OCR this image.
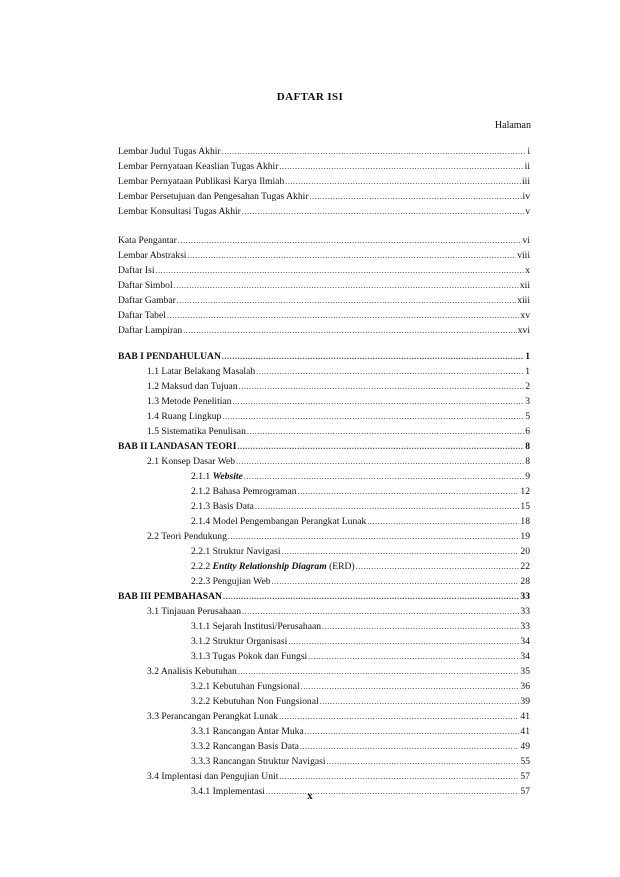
DAFTAR ISI
Halaman
Lembar Judul Tugas Akhir .....	i
Lembar Pernyataan Keaslian Tugas Akhir .....	ii
Lembar Pernyataan Publikasi Karya Ilmiah .....	iii
Lembar Persetujuan dan Pengesahan Tugas Akhir .....	iv
Lembar Konsultasi Tugas Akhir .....	v
Kata Pengantar .....	vi
Lembar Abstraksi .....	viii
Daftar Isi .....	x
Daftar Simbol .....	xii
Daftar Gambar .....	xiii
Daftar Tabel .....	xv
Daftar Lampiran .....	xvi
BAB I PENDAHULUAN .....	1
1.1 Latar Belakang Masalah .....	1
1.2 Maksud dan Tujuan .....	2
1.3 Metode Penelitian .....	3
1.4 Ruang Lingkup .....	5
1.5 Sistematika Penulisan .....	6
BAB II LANDASAN TEORI .....	8
2.1 Konsep Dasar Web .....	8
2.1.1 Website .....	9
2.1.2 Bahasa Pemrograman .....	12
2.1.3 Basis Data .....	15
2.1.4 Model Pengembangan Perangkat Lunak .....	18
2.2 Teori Pendukung .....	19
2.2.1 Struktur Navigasi .....	20
2.2.2 Entity Relationship Diagram (ERD) .....	22
2.2.3 Pengujian Web .....	28
BAB III PEMBAHASAN .....	33
3.1 Tinjauan Perusahaan .....	33
3.1.1 Sejarah Institusi/Perusahaan .....	33
3.1.2 Struktur Organisasi .....	34
3.1.3 Tugas Pokok dan Fungsi .....	34
3.2 Analisis Kebutuhan .....	35
3.2.1 Kebutuhan Fungsional .....	36
3.2.2 Kebutuhan Non Fungsional .....	39
3.3 Perancangan Perangkat Lunak .....	41
3.3.1 Rancangan Antar Muka .....	41
3.3.2 Rancangan Basis Data .....	49
3.3.3 Rancangan Struktur Navigasi .....	55
3.4 Implentasi dan Pengujian Unit .....	57
3.4.1 Implementasi .....	57
x
